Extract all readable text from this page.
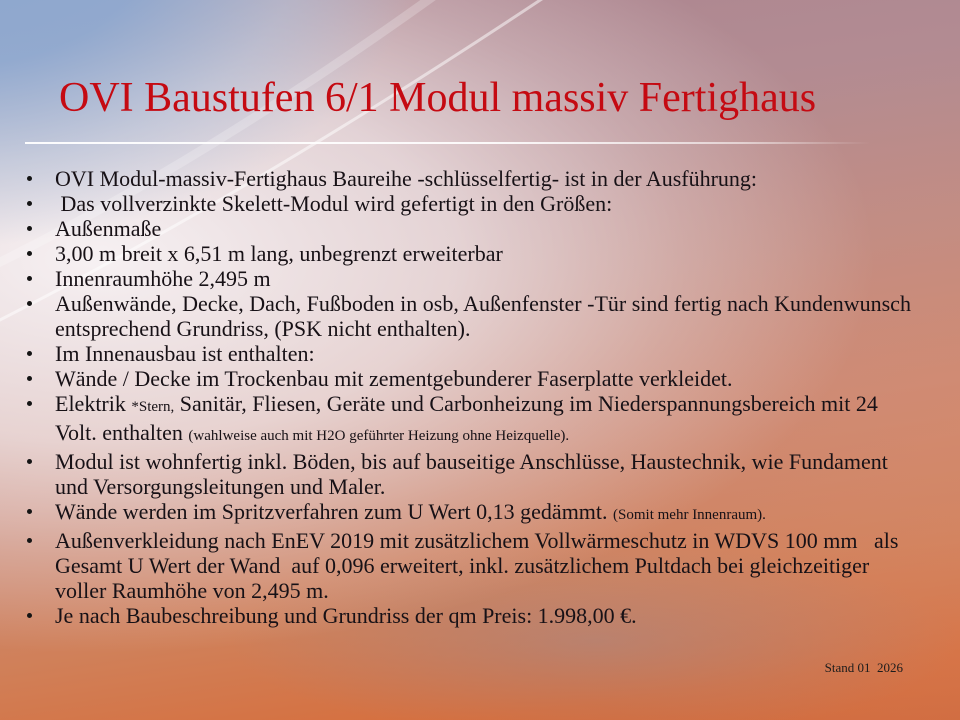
OVI Baustufen 6/1 Modul massiv Fertighaus
OVI Modul-massiv-Fertighaus Baureihe -schlüsselfertig- ist in der Ausführung:
Das vollverzinkte Skelett-Modul wird gefertigt in den Größen:
Außenmaße
3,00 m breit x 6,51 m lang, unbegrenzt erweiterbar
Innenraumhöhe 2,495 m
Außenwände, Decke, Dach, Fußboden in osb, Außenfenster -Tür sind fertig nach Kundenwunsch entsprechend Grundriss, (PSK nicht enthalten).
Im Innenausbau ist enthalten:
Wände / Decke im Trockenbau mit zementgebunderer Faserplatte verkleidet.
Elektrik *Stern, Sanitär, Fliesen, Geräte und Carbonheizung im Niederspannungsbereich mit 24 Volt. enthalten (wahlweise auch mit H2O geführter Heizung ohne Heizquelle).
Modul ist wohnfertig inkl. Böden, bis auf bauseitige Anschlüsse, Haustechnik, wie Fundament und Versorgungsleitungen und Maler.
Wände werden im Spritzverfahren zum U Wert 0,13 gedämmt. (Somit mehr Innenraum).
Außenverkleidung nach EnEV 2019 mit zusätzlichem Vollwärmeschutz in WDVS 100 mm   als Gesamt U Wert der Wand  auf 0,096 erweitert, inkl. zusätzlichem Pultdach bei gleichzeitiger voller Raumhöhe von 2,495 m.
Je nach Baubeschreibung und Grundriss der qm Preis: 1.998,00 €.
Stand 01  2026
